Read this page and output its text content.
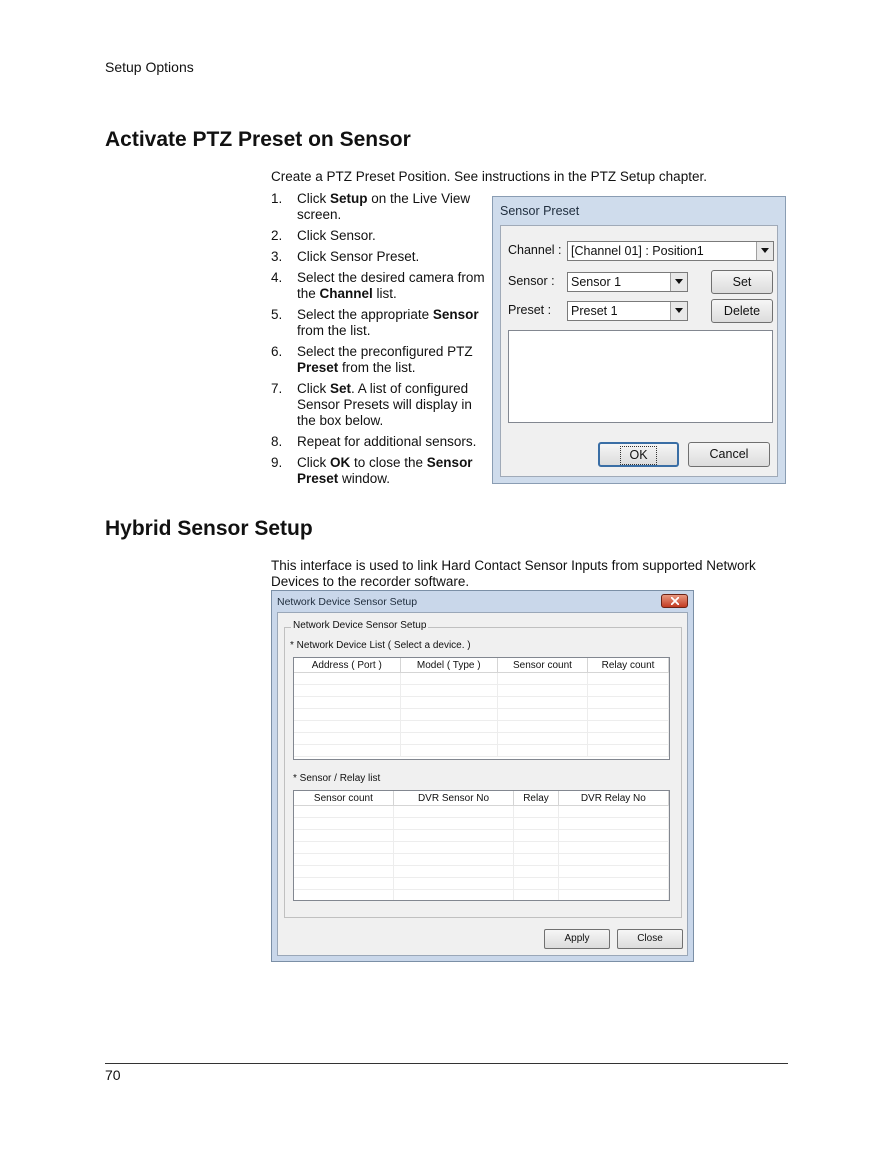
Setup Options
Activate PTZ Preset on Sensor
Create a PTZ Preset Position. See instructions in the PTZ Setup chapter.
1. Click Setup on the Live View screen.
2. Click Sensor.
3. Click Sensor Preset.
4. Select the desired camera from the Channel list.
5. Select the appropriate Sensor from the list.
6. Select the preconfigured PTZ Preset from the list.
7. Click Set. A list of configured Sensor Presets will display in the box below.
8. Repeat for additional sensors.
9. Click OK to close the Sensor Preset window.
Sensor Preset
Channel : [Channel 01] : Position1
Sensor :	Sensor 1	Set
Preset :	Preset 1	Delete
OK	Cancel
Hybrid Sensor Setup
This interface is used to link Hard Contact Sensor Inputs from supported Network Devices to the recorder software.
Network Device Sensor Setup
Network Device Sensor Setup
* Network Device List ( Select a device. )
Address ( Port )	Model ( Type )	Sensor count	Relay count

* Sensor / Relay list
Sensor count	DVR Sensor No	Relay	DVR Relay No

Apply	Close
70
